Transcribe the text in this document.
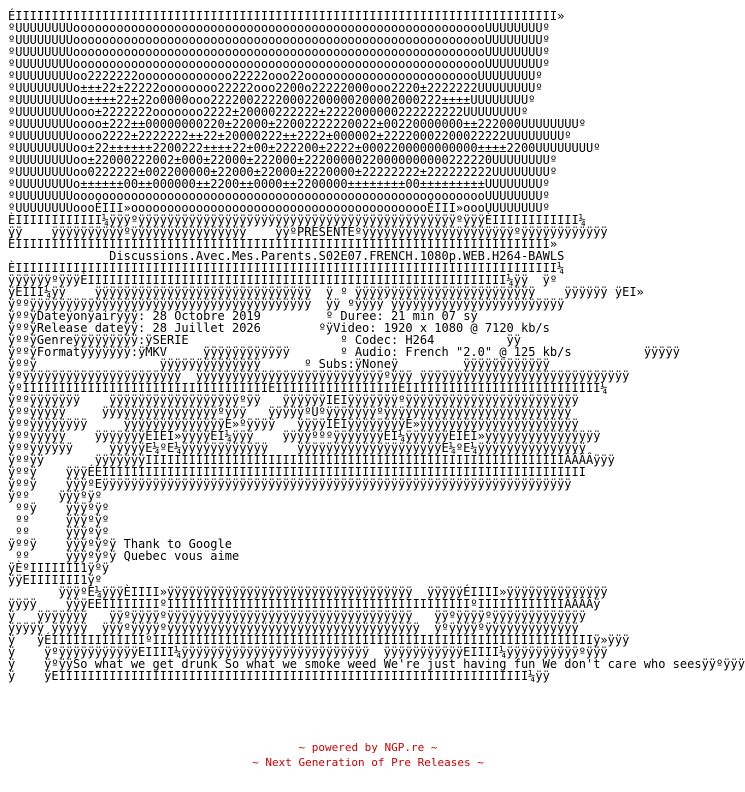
ÉIIIIIIIIIIIIIIIIIIIIIIIIIIIIIIIIIIIIIIIIIIIIIIIIIIIIIIIIIIIIIIIIIIIIIIIIIII»
ºUUUUUUUUoooooooooooooooooooooooooooooooooooooooooooooooooooooooooUUUUUUUUº
ºUUUUUUUUoooooooooooooooooooooooooooooooooooooooooooooooooooooooooUUUUUUUUº
ºUUUUUUUUoooooooooooooooooooooooooooooooooooooooooooooooooooooooooUUUUUUUUº
ºUUUUUUUUoooooooooooooooooooooooooooooooooooooooooooooooooooooooooUUUUUUUUº
ºUUUUUUUUoo2222222ooooooooooooo22222ooo22ooooooooooooooooooooooooUUUUUUUUº
ºUUUUUUUUo±±±22±22222oooooooo22222ooo2200o22222000ooo2220±2222222UUUUUUUUº
ºUUUUUUUUoo±±±±22±22o0000ooo22220022220002200000200002000222±±±±UUUUUUUUº
ºUUUUUUUUooo±2222222ooooooo2222±20000222222±2222000000222222222UUUUUUUUº
ºUUUUUUUUoooo±222±±00000000220±22000±22002222220022±00220000000±±222000UUUUUUUUº
ºUUUUUUUUoooo2222±2222222±±22±20000222±±2222±000002±22220002200022222UUUUUUUUº
ºUUUUUUUUoo±22±±±±±±2200222±±±±22±00±222200±2222±0002200000000000±±±±2200UUUUUUUUº
ºUUUUUUUUoo±22000222002±000±22000±222000±22200000220000000000222220UUUUUUUUº
ºUUUUUUUUoo0222222±002200000±22000±22000±2220000±22222222±222222222UUUUUUUUº
ºUUUUUUUUo±±±±±±00±±000000±±2200±±0000±±2200000±±±±±±±±00±±±±±±±±±UUUUUUUUº
ºUUUUUUUUoooooooooooooooooooooooooooooooooooooooooooooooooooooooooUUUUUUUUº
ºUUUUUUUUoooÉIII»oooooooooooooooooooooooooooooooooooooooooÉIII»oooUUUUUUUUº
ÈIIIIIIIIIIII¼ÿÿÿºÿÿÿÿÿÿÿÿÿÿÿÿÿÿÿÿÿÿÿÿÿÿÿÿÿÿÿÿÿÿÿÿÿÿÿÿÿÿÿÿÿÿÿÿºÿÿÿÈIIIIIIIIIIII¼
ÿÿ    ÿÿÿÿÿÿÿÿÿÿºÿÿÿÿÿÿÿÿÿÿÿÿÿÿÿÿ    ÿÿºPRESENTEºÿÿÿÿÿÿÿÿÿÿÿÿÿÿÿÿÿÿÿÿÿºÿÿÿÿÿÿÿÿÿÿÿÿ
ÉIIIIIIIIIIIIIIIIIIIIIIIIIIIIIIIIIIIIIIIIIIIIIIIIIIIIIIIIIIIIIIIIIIIIIIIIII»
Discussions.Avec.Mes.Parents.S02E07.FRENCH.1080p.WEB.H264-BAWLS
ÈIIIIIIIIIIIIIIIIIIIIIIIIIIIIIIIIIIIIIIIIIIIIIIIIIIIIIIIIIIIIIIIIIIIIIIIIIII¼
ÿÿÿÿÿÿºÿÿÿÈIIIIIIIIIIIIIIIIIIIIIIIIIIIIIIIIIIIIIIIIIIIIIIIIIIIIIIIIII¼ÿÿ  ÿº
ÿÈIII¼ÿÿ    ÿÿÿÿÿÿÿÿÿÿÿÿÿÿÿÿÿÿÿÿÿÿÿÿÿÿÿÿÿÿ  ÿ º ÿÿÿÿÿÿÿÿÿÿÿÿÿÿÿÿÿÿÿÿÿÿÿÿÿ    ÿÿÿÿÿÿ ÿEI»
ÿººÿÿÿÿÿÿÿÿÿÿÿÿÿÿÿÿÿÿÿÿÿÿÿÿÿÿÿÿÿÿÿÿÿÿÿÿÿÿÿ  ÿÿ ºÿÿÿÿ ÿÿÿÿÿÿÿÿÿÿÿÿÿÿÿÿÿÿÿÿÿÿÿÿ
ÿººÿDateÿonÿairÿÿÿ: 28 Octobre 2019         º Duree: 21 min 07 sÿ
ÿººÿRelease dateÿÿ: 28 Juillet 2026        ºÿVideo: 1920 x 1080 @ 7120 kb/s
ÿººÿGenreÿÿÿÿÿÿÿÿÿ:ÿSERIE                     º Codec: H264	ÿÿ
ÿººÿFormatÿÿÿÿÿÿÿ:ÿMKV     ÿÿÿÿÿÿÿÿÿÿÿÿ       º Audio: French "2.0" @ 125 kb/s	ÿÿÿÿÿ
ÿººÿ                 ÿÿÿÿÿÿÿÿÿÿÿÿÿÿ      º Subs:ÿNoneÿ         ÿÿÿÿÿÿÿÿÿÿÿÿ
ÿºÿÿÿÿÿÿÿÿÿÿÿÿÿÿÿÿÿÿÿÿÿÿ  ÿÿÿÿÿÿÿÿÿÿÿÿÿÿÿÿÿÿÿÿÿÿÿÿÿÿºÿÿÿ ÿÿÿÿÿÿÿÿÿÿÿÿÿÿÿÿÿÿÿÿÿÿÿÿÿÿÿÿÿ
ÿºIIIIIIIIIIIIIIIIIIIIIIIIIIIIIIIIIIEIIIIIIIIIIIIIIIIIEIIIIIIIIIIIIIIIIIIIIIIIIIII¼
ÿººÿÿÿÿÿÿÿ    ÿÿÿÿÿÿÿÿÿÿÿÿÿÿÿÿÿÿºÿÿ   ÿÿÿÿÿÿIEIÿÿÿÿÿÿÿºÿÿÿÿÿÿÿÿÿÿÿÿÿÿÿÿÿÿÿÿÿÿÿÿ
ÿººÿÿÿÿÿ     ÿÿÿÿÿÿÿÿÿÿÿÿÿÿÿÿºÿÿÿ   ÿÿÿÿÿºUºÿÿÿÿÿÿÿºÿÿÿÿÿÿÿÿÿÿÿÿÿÿÿÿÿÿÿÿÿÿÿÿÿÿ
ÿººÿÿÿÿÿÿÿÿ     ÿÿÿÿÿÿÿÿÿÿÿÿÿÿE»ºÿÿÿÿ   ÿÿÿÿIEIÿÿÿÿÿÿÿÿÉ»ÿÿÿÿÿÿÿÿÿÿÿÿÿÿÿÿÿÿÿÿÿÿ
ÿººÿÿÿÿÿ    ÿÿÿÿÿÿÿEIEI»ÿÿÿÿEI¼ÿÿÿ    ÿÿÿÿºººÿÿÿÿÿÿÿEI¼ÿÿÿÿÿÿEIEI»ÿÿÿÿÿÿÿÿÿÿÿÿÿÿÿÿ
ÿººÿÿÿÿÿÿ     ÿÿÿÿÿE¼ºE¼ÿÿÿÿÿÿÿÿÿÿÿÿ    ÿÿÿÿÿÿÿÿÿÿÿÿÿÿÿÿÿÿÿÿE¼ºE¼ÿÿÿÿÿÿÿÿÿÿÿÿÿÿÿ
ÿººÿÿ       ÿÿÿÿÿÿÿIIIIIIIIIIIIIIIIIIIIIIIIIIIIIIIIIIIIIIIIIIIIIIIIIIIIIIIIIIÂÂÂÂÿÿÿ
ÿººÿ    ÿÿÿÉEIIIIIIIIIIIIIIIIIIIIIIIIIIIIIIIIIIIIIIIIIIIIIIIIIIIIIIIIIIIIIIIIIII
ÿººÿ    ÿÿÿºEÿÿÿÿÿÿÿÿÿÿÿÿÿÿÿÿÿÿÿÿÿÿÿÿÿÿÿÿÿÿÿÿÿÿÿÿÿÿÿÿÿÿÿÿÿÿÿÿÿÿÿÿÿÿÿÿÿÿÿÿÿÿÿÿÿ
ÿºº    ÿÿÿºÿº
ººÿ    ÿÿÿºÿº
ºº     ÿÿÿºÿº
ºº     ÿÿÿºÿº
ÿººÿ    ÿÿÿºÿºÿ Thank to Google
ºº     ÿÿÿºÿºÿ Quebec vous aime
ÿÈºIIIIIII1ÿºÿ
ÿÿEIIIIIII1ÿº
ÿÿÿºÈ¼ÿÿÿÈIIII»ÿÿÿÿÿÿÿÿÿÿÿÿÿÿÿÿÿÿÿÿÿÿÿÿÿÿÿÿÿÿÿÿÿÿ  ÿÿÿÿÿÉIIII»ÿÿÿÿÿÿÿÿÿÿÿÿÿÿ
ÿÿÿÿ    ÿÿÿEEIIIIIIIIºIIIIIIIIIIIIIIIIIIIIIIIIIIIIIIIIIIIIIIIIIIºIIIIIIIIIIIIÂÂÂÂÿ
ÿ   ÿÿÿÿÿÿÿ   ÿÿºÿÿÿÿºÿÿÿÿÿÿÿÿÿÿÿÿÿÿÿÿÿÿÿÿÿÿÿÿÿÿÿÿÿÿÿÿÿÿ   ÿÿºÿÿÿÿºÿÿÿÿÿÿÿÿÿÿÿÿÿ
ÿÿÿÿÿ ÿÿÿÿÿ  ÿÿÿºÿÿÿÿºÿÿÿÿÿÿÿÿÿÿÿÿÿÿÿÿÿÿÿÿÿÿÿÿÿÿÿÿÿÿÿÿÿÿÿ  ÿºÿÿÿÿºÿÿÿÿÿÿÿÿÿÿÿÿÿ
ÿ   ÿÉIIIIIIIIIIIIIºIIIIIIIIIIIIIIIIIIIIIIIIIIIIIIIIIIIIIIIIIIIIIIIIIIIIIIIIIIIIIÿ»ÿÿÿ
ÿ    ÿºÿÿÿÿÿÿÿÿÿÿÿEIIII¼ÿÿÿÿÿÿÿÿÿÿÿÿÿÿÿÿÿÿÿÿÿÿÿÿÿÿ  ÿÿÿÿÿÿÿÿÿÿÿEIIII¼ÿÿÿÿÿÿÿÿÿÿºÿÿÿ
ÿ    ÿºÿÿSo what we get drunk So what we smoke weed We're just having fun We don't care who seesÿÿºÿÿÿ
ÿ    ÿEIIIIIIIIIIIIIIIIIIIIIIIIIIIIIIIIIIIIIIIIIIIIIIIIIIIIIIIIIIIIIIIII¼ÿÿ
~ powered by NGP.re ~
~ Next Generation of Pre Releases ~
